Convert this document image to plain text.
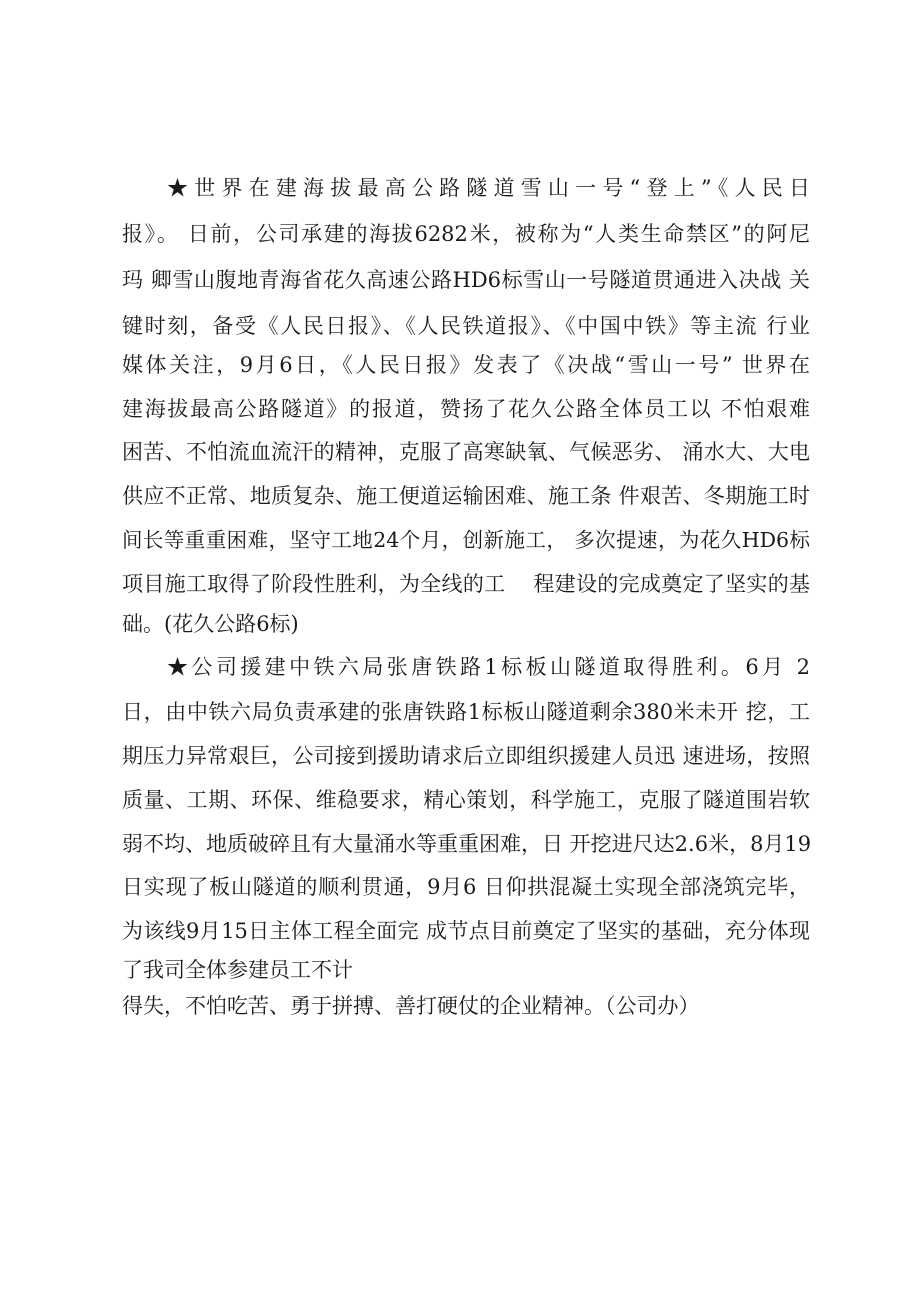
★世界在建海拔最高公路隧道雪山一号“登上”《人民日
报》。 日前，公司承建的海拔6282米，被称为“人类生命禁区”的阿尼
玛 卿雪山腹地青海省花久高速公路HD6标雪山一号隧道贯通进入决战 关
键时刻，备受《人民日报》、《人民铁道报》、《中国中铁》等主流 行业
媒体关注，9月6日，《人民日报》发表了《决战“雪山一号” 世界在
建海拔最高公路隧道》的报道，赞扬了花久公路全体员工以 不怕艰难
困苦、不怕流血流汗的精神，克服了高寒缺氧、气候恶劣、 涌水大、大电
供应不正常、地质复杂、施工便道运输困难、施工条 件艰苦、冬期施工时
间长等重重困难，坚守工地24个月，创新施工， 多次提速，为花久HD6标
项目施工取得了阶段性胜利，为全线的工    程建设的完成奠定了坚实的基
础。(花久公路6标)
★公司援建中铁六局张唐铁路1标板山隧道取得胜利。6月 2
日，由中铁六局负责承建的张唐铁路1标板山隧道剩余380米未开 挖，工
期压力异常艰巨，公司接到援助请求后立即组织援建人员迅 速进场，按照
质量、工期、环保、维稳要求，精心策划，科学施工，克服了隧道围岩软
弱不均、地质破碎且有大量涌水等重重困难，日 开挖进尺达2.6米，8月19
日实现了板山隧道的顺利贯通，9月6 日仰拱混凝土实现全部浇筑完毕，
为该线9月15日主体工程全面完 成节点目前奠定了坚实的基础，充分体现
了我司全体参建员工不计
得失，不怕吃苦、勇于拼搏、善打硬仗的企业精神。（公司办）
